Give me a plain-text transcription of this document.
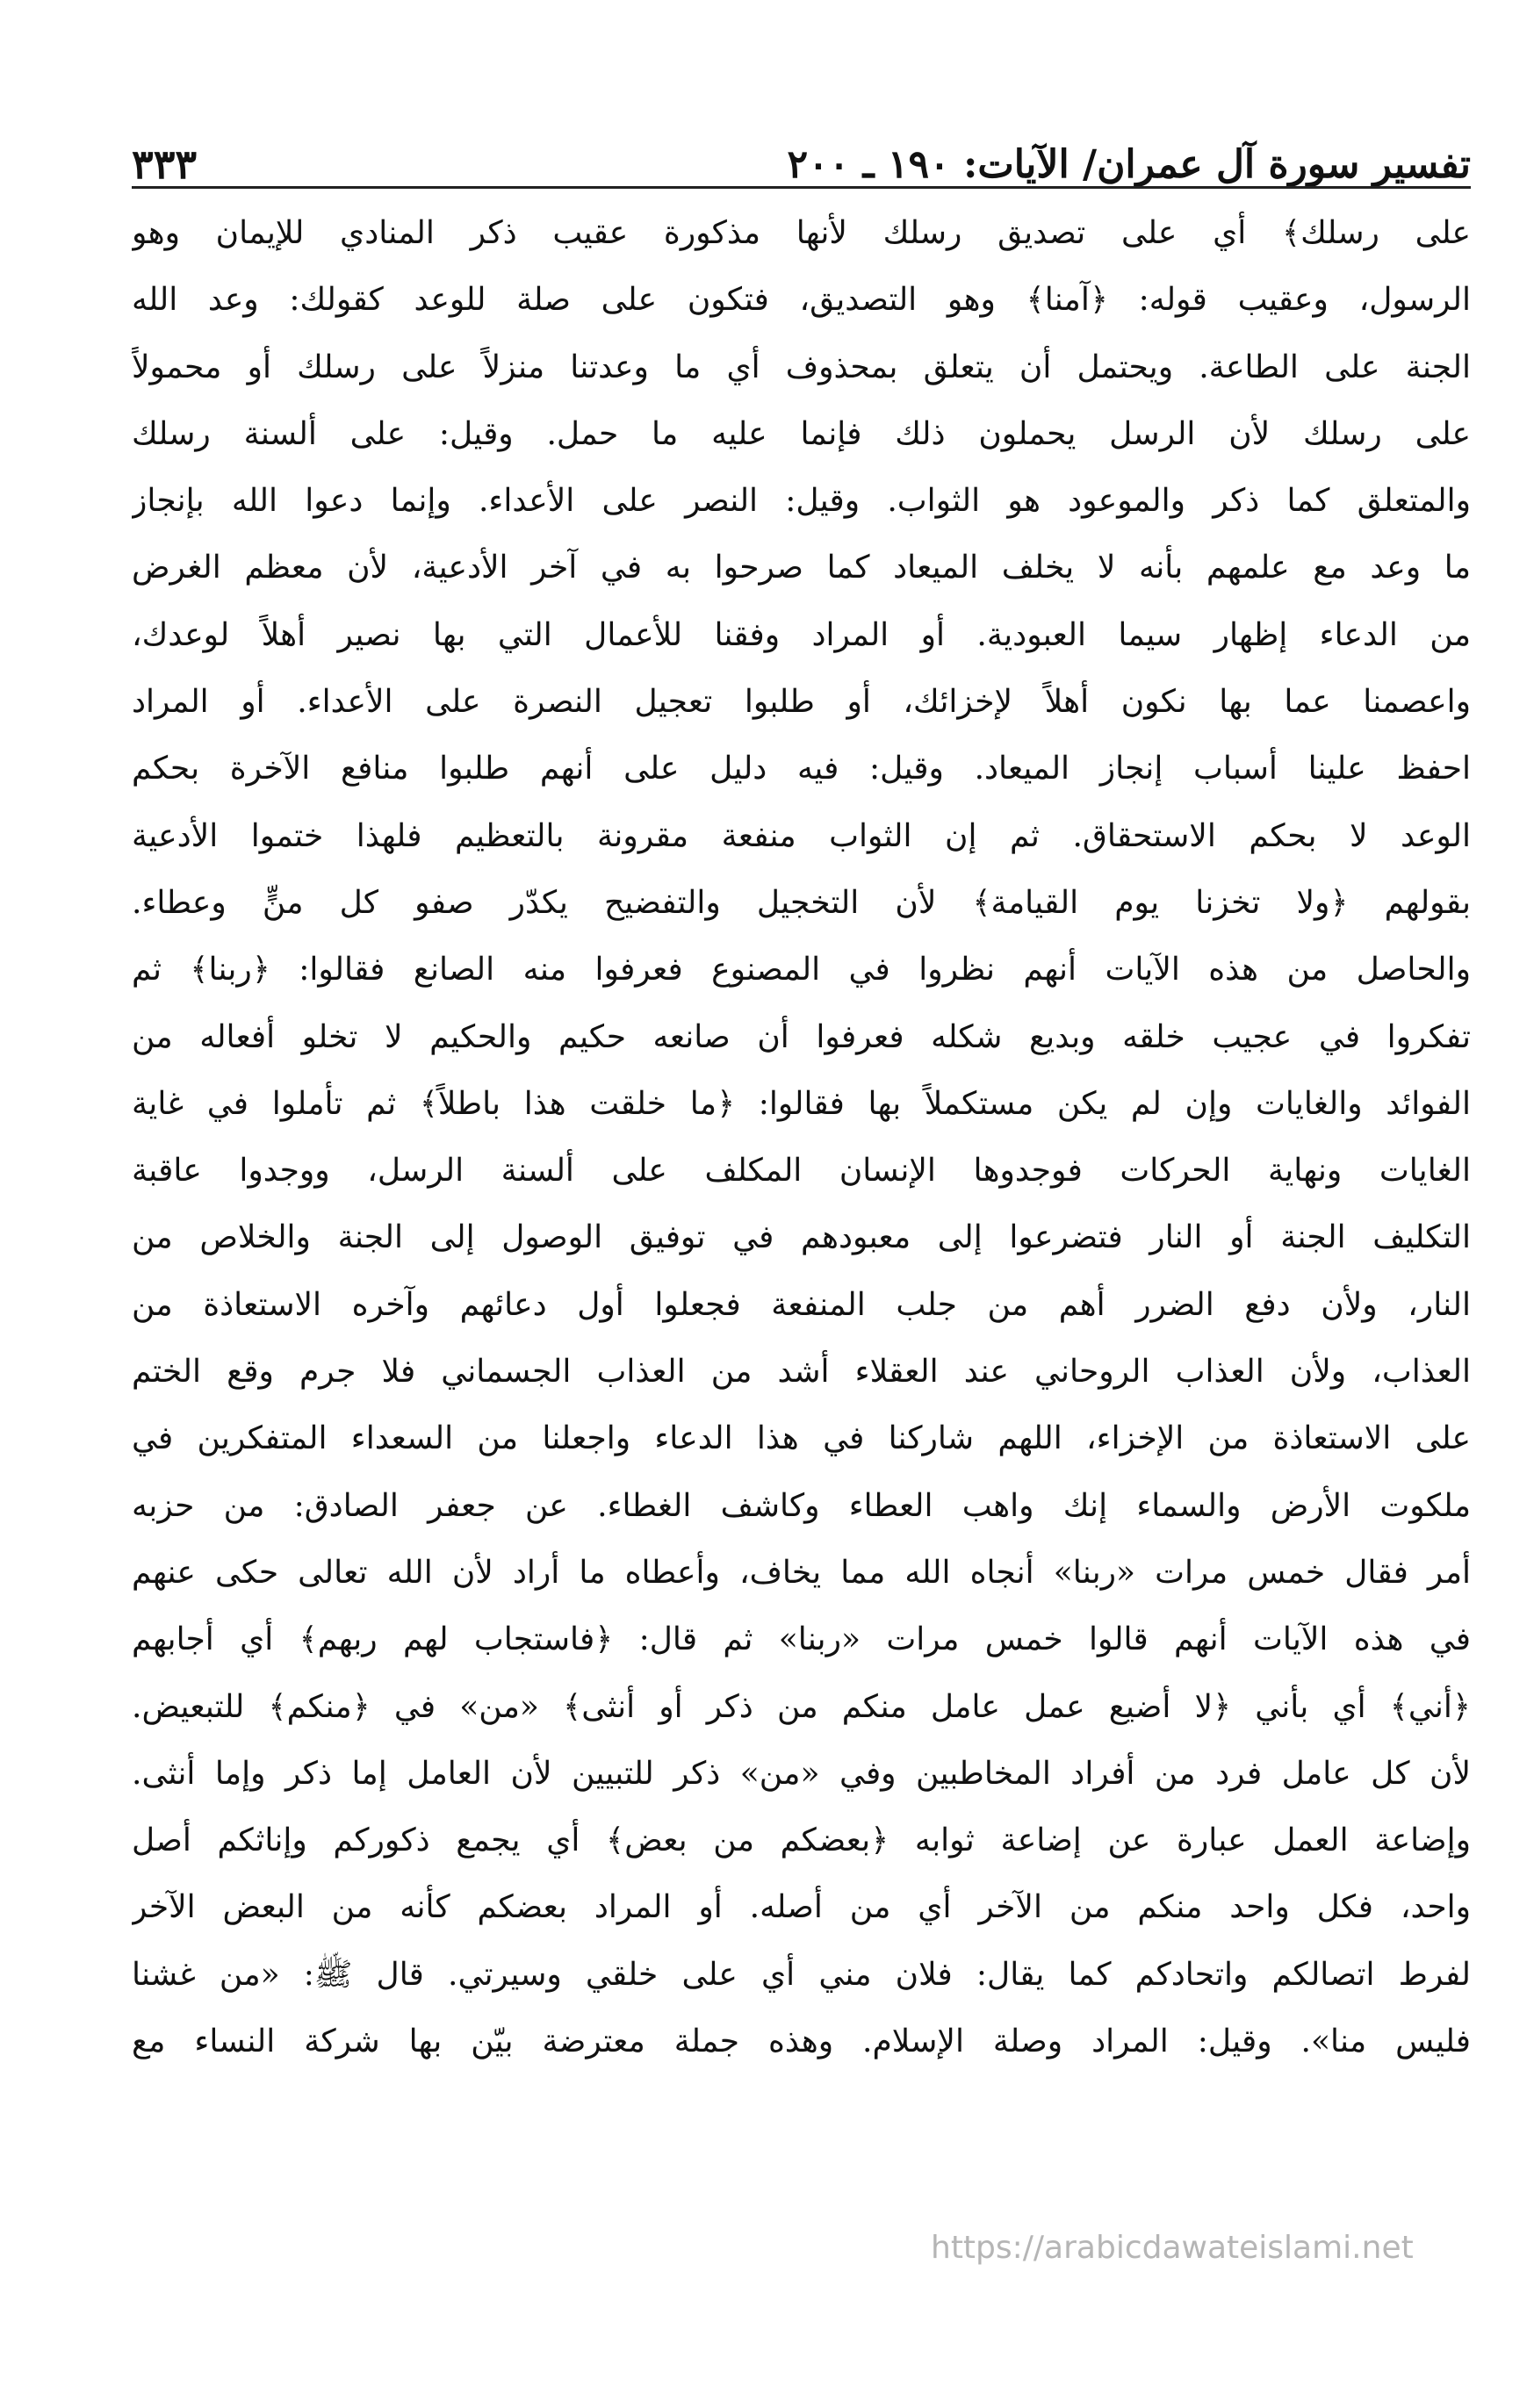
تفسير سورة آل عمران/ الآيات: ١٩٠ ـ ٢٠٠
٣٣٣
على رسلك﴾ أي على تصديق رسلك لأنها مذكورة عقيب ذكر المنادي للإيمان وهو
الرسول، وعقيب قوله: ﴿آمنا﴾ وهو التصديق، فتكون على صلة للوعد كقولك: وعد الله
الجنة على الطاعة. ويحتمل أن يتعلق بمحذوف أي ما وعدتنا منزلاً على رسلك أو محمولاً
على رسلك لأن الرسل يحملون ذلك فإنما عليه ما حمل. وقيل: على ألسنة رسلك
والمتعلق كما ذكر والموعود هو الثواب. وقيل: النصر على الأعداء. وإنما دعوا الله بإنجاز
ما وعد مع علمهم بأنه لا يخلف الميعاد كما صرحوا به في آخر الأدعية، لأن معظم الغرض
من الدعاء إظهار سيما العبودية. أو المراد وفقنا للأعمال التي بها نصير أهلاً لوعدك،
واعصمنا عما بها نكون أهلاً لإخزائك، أو طلبوا تعجيل النصرة على الأعداء. أو المراد
احفظ علينا أسباب إنجاز الميعاد. وقيل: فيه دليل على أنهم طلبوا منافع الآخرة بحكم
الوعد لا بحكم الاستحقاق. ثم إن الثواب منفعة مقرونة بالتعظيم فلهذا ختموا الأدعية
بقولهم ﴿ولا تخزنا يوم القيامة﴾ لأن التخجيل والتفضيح يكدّر صفو كل منٍّ وعطاء.
والحاصل من هذه الآيات أنهم نظروا في المصنوع فعرفوا منه الصانع فقالوا: ﴿ربنا﴾ ثم
تفكروا في عجيب خلقه وبديع شكله فعرفوا أن صانعه حكيم والحكيم لا تخلو أفعاله من
الفوائد والغايات وإن لم يكن مستكملاً بها فقالوا: ﴿ما خلقت هذا باطلاً﴾ ثم تأملوا في غاية
الغايات ونهاية الحركات فوجدوها الإنسان المكلف على ألسنة الرسل، ووجدوا عاقبة
التكليف الجنة أو النار فتضرعوا إلى معبودهم في توفيق الوصول إلى الجنة والخلاص من
النار، ولأن دفع الضرر أهم من جلب المنفعة فجعلوا أول دعائهم وآخره الاستعاذة من
العذاب، ولأن العذاب الروحاني عند العقلاء أشد من العذاب الجسماني فلا جرم وقع الختم
على الاستعاذة من الإخزاء، اللهم شاركنا في هذا الدعاء واجعلنا من السعداء المتفكرين في
ملكوت الأرض والسماء إنك واهب العطاء وكاشف الغطاء. عن جعفر الصادق: من حزبه
أمر فقال خمس مرات «ربنا» أنجاه الله مما يخاف، وأعطاه ما أراد لأن الله تعالى حكى عنهم
في هذه الآيات أنهم قالوا خمس مرات «ربنا» ثم قال: ﴿فاستجاب لهم ربهم﴾ أي أجابهم
﴿أني﴾ أي بأني ﴿لا أضيع عمل عامل منكم من ذكر أو أنثى﴾ «من» في ﴿منكم﴾ للتبعيض.
لأن كل عامل فرد من أفراد المخاطبين وفي «من» ذكر للتبيين لأن العامل إما ذكر وإما أنثى.
وإضاعة العمل عبارة عن إضاعة ثوابه ﴿بعضكم من بعض﴾ أي يجمع ذكوركم وإناثكم أصل
واحد، فكل واحد منكم من الآخر أي من أصله. أو المراد بعضكم كأنه من البعض الآخر
لفرط اتصالكم واتحادكم كما يقال: فلان مني أي على خلقي وسيرتي. قال ﷺ: «من غشنا
فليس منا». وقيل: المراد وصلة الإسلام. وهذه جملة معترضة بيّن بها شركة النساء مع
https://arabicdawateislami.net
